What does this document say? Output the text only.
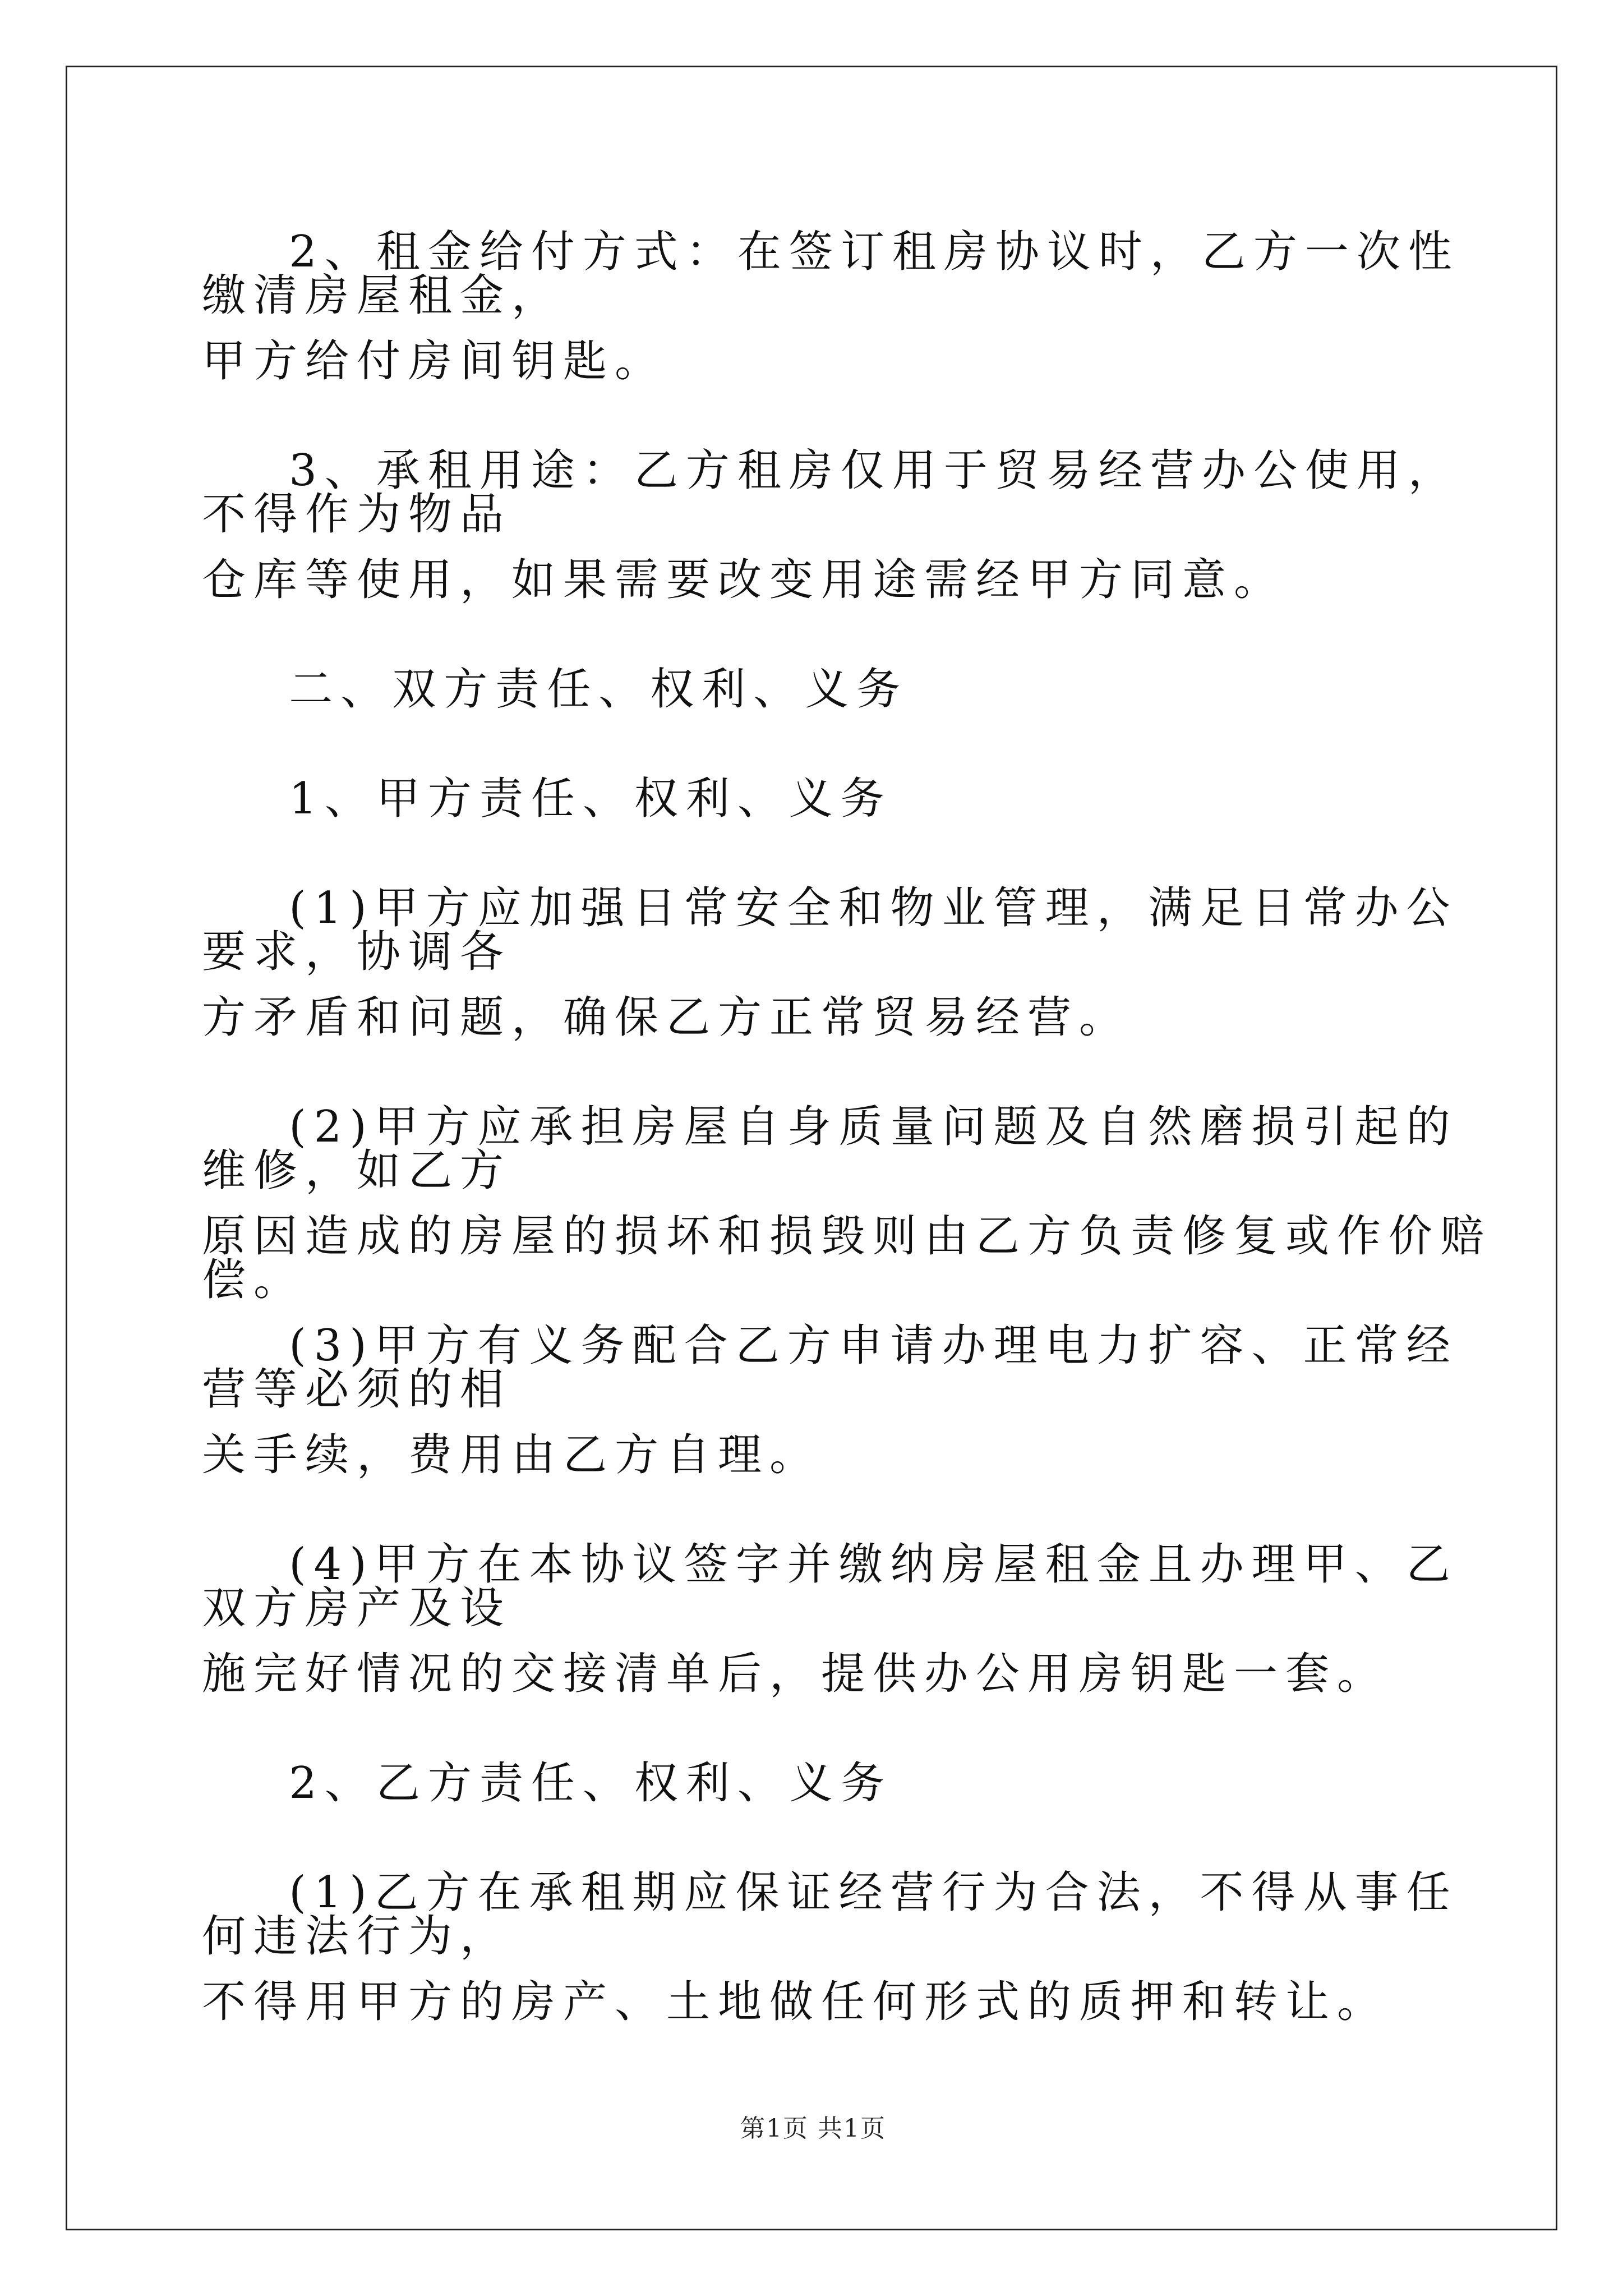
2、租金给付方式：在签订租房协议时，乙方一次性缴清房屋租金，

甲方给付房间钥匙。

3、承租用途：乙方租房仅用于贸易经营办公使用，不得作为物品

仓库等使用，如果需要改变用途需经甲方同意。

二、双方责任、权利、义务

1、甲方责任、权利、义务

(1)甲方应加强日常安全和物业管理，满足日常办公要求，协调各

方矛盾和问题，确保乙方正常贸易经营。

(2)甲方应承担房屋自身质量问题及自然磨损引起的维修，如乙方

原因造成的房屋的损坏和损毁则由乙方负责修复或作价赔偿。

(3)甲方有义务配合乙方申请办理电力扩容、正常经营等必须的相

关手续，费用由乙方自理。

(4)甲方在本协议签字并缴纳房屋租金且办理甲、乙双方房产及设

施完好情况的交接清单后，提供办公用房钥匙一套。

2、乙方责任、权利、义务

(1)乙方在承租期应保证经营行为合法，不得从事任何违法行为，

不得用甲方的房产、土地做任何形式的质押和转让。

第1页 共1页
